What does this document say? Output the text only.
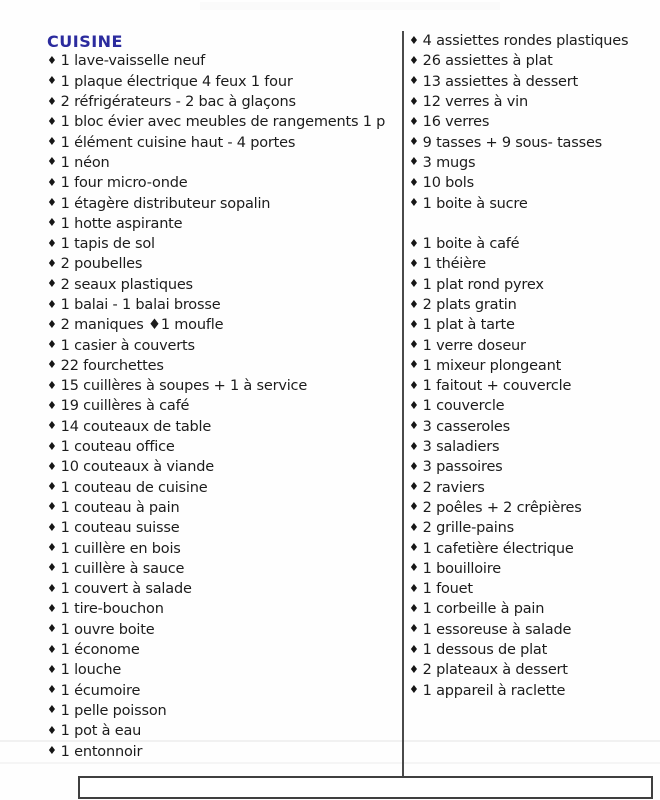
CUISINE
♦ 1 lave-vaisselle neuf
♦ 1 plaque électrique 4 feux 1 four
♦ 2 réfrigérateurs - 2 bac à glaçons
♦ 1 bloc évier avec meubles de rangements 1 p
♦ 1 élément cuisine haut - 4 portes
♦ 1 néon
♦ 1 four micro-onde
♦ 1 étagère distributeur sopalin
♦ 1 hotte aspirante
♦ 1 tapis de sol
♦ 2 poubelles
♦ 2 seaux plastiques
♦ 1 balai - 1 balai brosse
♦ 2 maniques ♦1 moufle
♦ 1 casier à couverts
♦ 22 fourchettes
♦ 15 cuillères à soupes + 1 à service
♦ 19 cuillères à café
♦ 14 couteaux de table
♦ 1 couteau office
♦ 10 couteaux à viande
♦ 1 couteau de cuisine
♦ 1 couteau à pain
♦ 1 couteau suisse
♦ 1 cuillère en bois
♦ 1 cuillère à sauce
♦ 1 couvert à salade
♦ 1 tire-bouchon
♦ 1 ouvre boite
♦ 1 économe
♦ 1 louche
♦ 1 écumoire
♦ 1 pelle poisson
♦ 1 pot à eau
♦ 1 entonnoir
♦ 4 assiettes rondes plastiques
♦ 26 assiettes à plat
♦ 13 assiettes à dessert
♦ 12 verres à vin
♦ 16 verres
♦ 9 tasses + 9 sous- tasses
♦ 3 mugs
♦ 10 bols
♦ 1 boite à sucre
♦ 1 boite à café
♦ 1 théière
♦ 1 plat rond pyrex
♦ 2 plats gratin
♦ 1 plat à tarte
♦ 1 verre doseur
♦ 1 mixeur plongeant
♦ 1 faitout + couvercle
♦ 1 couvercle
♦ 3 casseroles
♦ 3 saladiers
♦ 3 passoires
♦ 2 raviers
♦ 2 poêles + 2 crêpières
♦ 2 grille-pains
♦ 1 cafetière électrique
♦ 1 bouilloire
♦ 1 fouet
♦ 1 corbeille à pain
♦ 1 essoreuse à salade
♦ 1 dessous de plat
♦ 2 plateaux à dessert
♦ 1 appareil à raclette
